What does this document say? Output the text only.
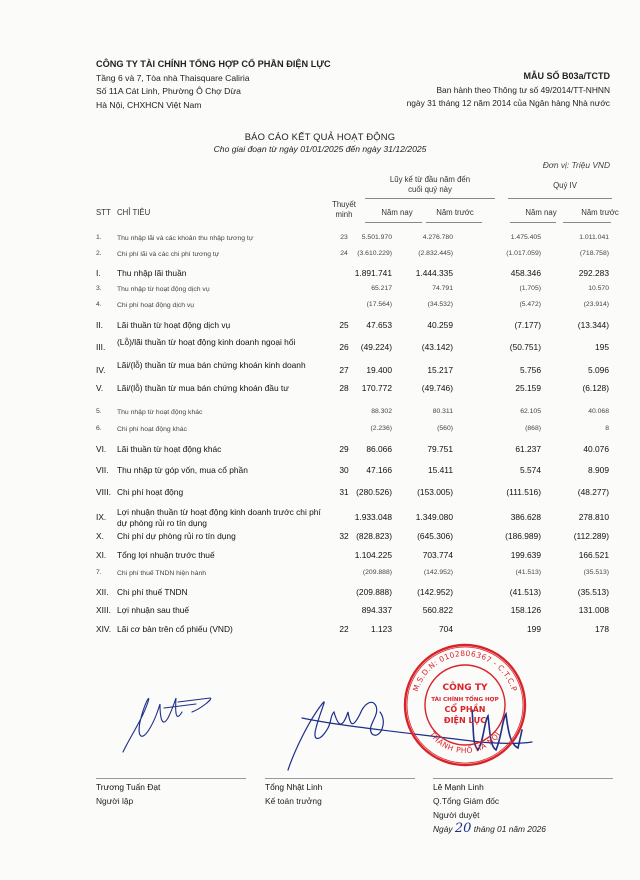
CÔNG TY TÀI CHÍNH TỔNG HỢP CỔ PHẦN ĐIỆN LỰC
Tầng 6 và 7, Tòa nhà Thaisquare Caliria
Số 11A Cát Linh, Phường Ô Chợ Dừa
Hà Nội, CHXHCN Việt Nam
MẪU SỐ B03a/TCTD
Ban hành theo Thông tư số 49/2014/TT-NHNN
ngày 31 tháng 12 năm 2014 của Ngân hàng Nhà nước
BÁO CÁO KẾT QUẢ HOẠT ĐỘNG
Cho giai đoạn từ ngày 01/01/2025 đến ngày 31/12/2025
Đơn vị: Triệu VND
Lũy kế từ đầu năm đến
cuối quý này	Quý IV
STT CHỈ TIÊU
Thuyết
minh	Năm nay	Năm trước	Năm nay	Năm trước
1. Thu nhập lãi và các khoản thu nhập tương tự	23	5.501.970	4.276.780	1.475.405	1.011.041
2. Chi phí lãi và các chi phí tương tự	24	(3.610.229)	(2.832.445)	(1.017.059)	(718.758)
I. Thu nhập lãi thuần	1.891.741	1.444.335	458.346	292.283
3. Thu nhập từ hoạt động dịch vụ	65.217	74.791	(1.705)	10.570
4. Chi phí hoạt động dịch vụ	(17.564)	(34.532)	(5.472)	(23.914)
II. Lãi thuần từ hoạt động dịch vụ	25	47.653	40.259	(7.177)	(13.344)
III. (Lỗ)/lãi thuần từ hoạt động kinh doanh ngoại hối	26	(49.224)	(43.142)	(50.751)	195
IV. Lãi/(lỗ) thuần từ mua bán chứng khoán kinh doanh	27	19.400	15.217	5.756	5.096
V. Lãi/(lỗ) thuần từ mua bán chứng khoán đầu tư	28	170.772	(49.746)	25.159	(6.128)
5. Thu nhập từ hoạt động khác	88.302	80.311	62.105	40.068
6. Chi phí hoạt động khác	(2.236)	(560)	(868)	8
VI. Lãi thuần từ hoạt động khác	29	86.066	79.751	61.237	40.076
VII. Thu nhập từ góp vốn, mua cổ phần	30	47.166	15.411	5.574	8.909
VIII. Chi phí hoạt động	31 (280.526)	(153.005)	(111.516)	(48.277)
IX. Lợi nhuận thuần từ hoạt động kinh doanh trước chi phí dự phòng rủi ro tín dụng
1.933.048	1.349.080	386.628	278.810
X. Chi phí dự phòng rủi ro tín dụng	32 (828.823)	(645.306)	(186.989)	(112.289)
XI. Tổng lợi nhuận trước thuế	1.104.225	703.774	199.639	166.521
7. Chi phí thuế TNDN hiện hành	(209.888)	(142.952)	(41.513)	(35.513)
XII. Chi phí thuế TNDN	(209.888)	(142.952)	(41.513)	(35.513)
XIII. Lợi nhuận sau thuế	894.337	560.822	158.126	131.008
XIV. Lãi cơ bản trên cổ phiếu (VND)	22	1.123	704	199	178
Trương Tuấn Đạt
Người lập
Tổng Nhật Linh
Kế toán trưởng
Lê Mạnh Linh
Q.Tổng Giám đốc
Người duyệt
Ngày 20 tháng 01 năm 2026
M.S.D.N: 0102806367 - C.T.C.P
THÀNH PHỐ HÀ NỘI
CÔNG TY
TÀI CHÍNH TỔNG HỢP
CỔ PHẦN
ĐIỆN LỰC
